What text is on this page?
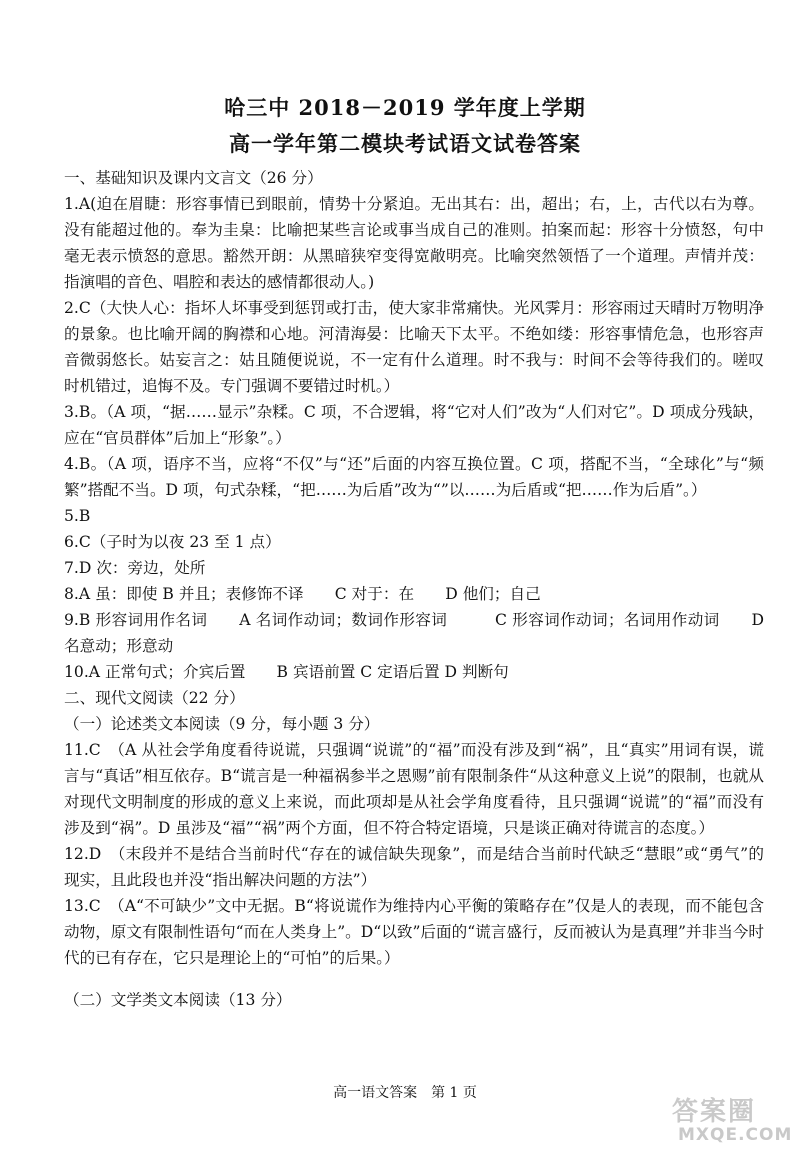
哈三中 2018－2019 学年度上学期
高一学年第二模块考试语文试卷答案

一、基础知识及课内文言文（26 分）

1.A(迫在眉睫：形容事情已到眼前，情势十分紧迫。无出其右：出，超出；右，上，古代以右为尊。没有能超过他的。奉为圭臬：比喻把某些言论或事当成自己的准则。拍案而起：形容十分愤怒，句中毫无表示愤怒的意思。豁然开朗：从黑暗狭窄变得宽敞明亮。比喻突然领悟了一个道理。声情并茂：指演唱的音色、唱腔和表达的感情都很动人。)

2.C（大快人心：指坏人坏事受到惩罚或打击，使大家非常痛快。光风霁月：形容雨过天晴时万物明净的景象。也比喻开阔的胸襟和心地。河清海晏：比喻天下太平。不绝如缕：形容事情危急，也形容声音微弱悠长。姑妄言之：姑且随便说说，不一定有什么道理。时不我与：时间不会等待我们的。嗟叹时机错过，追悔不及。专门强调不要错过时机。）

3.B。（A 项，“据……显示”杂糅。C 项，不合逻辑，将“它对人们”改为“人们对它”。D 项成分残缺，应在“官员群体”后加上“形象”。）

4.B。（A 项，语序不当，应将“不仅”与“还”后面的内容互换位置。C 项，搭配不当，“全球化”与“频繁”搭配不当。D 项，句式杂糅，“把……为后盾”改为“”以……为后盾或“把……作为后盾”。）

5.B

6.C（子时为以夜 23 至 1 点）

7.D 次：旁边，处所

8.A 虽：即使 B 并且；表修饰不译　　C 对于：在　　D 他们；自己

9.B 形容词用作名词　　A 名词作动词；数词作形容词　　　C 形容词作动词；名词用作动词　　D 名意动；形意动

10.A 正常句式；介宾后置　　B 宾语前置 C 定语后置 D 判断句

二、现代文阅读（22 分）

（一）论述类文本阅读（9 分，每小题 3 分）

11.C　（A 从社会学角度看待说谎，只强调“说谎”的“福”而没有涉及到“祸”，且“真实”用词有误，谎言与“真话”相互依存。B“谎言是一种福祸参半之恩赐”前有限制条件“从这种意义上说”的限制，也就从对现代文明制度的形成的意义上来说，而此项却是从社会学角度看待，且只强调“说谎”的“福”而没有涉及到“祸”。D 虽涉及“福”“祸”两个方面，但不符合特定语境，只是谈正确对待谎言的态度。）

12.D　（末段并不是结合当前时代“存在的诚信缺失现象”，而是结合当前时代缺乏“慧眼”或“勇气”的现实，且此段也并没“指出解决问题的方法”）

13.C　（A“不可缺少”文中无据。B“将说谎作为维持内心平衡的策略存在”仅是人的表现，而不能包含动物，原文有限制性语句“而在人类身上”。D“以致”后面的“谎言盛行，反而被认为是真理”并非当今时代的已有存在，它只是理论上的“可怕”的后果。）

（二）文学类文本阅读（13 分）

高一语文答案　第 1 页
答案圈
MXQE.COM
